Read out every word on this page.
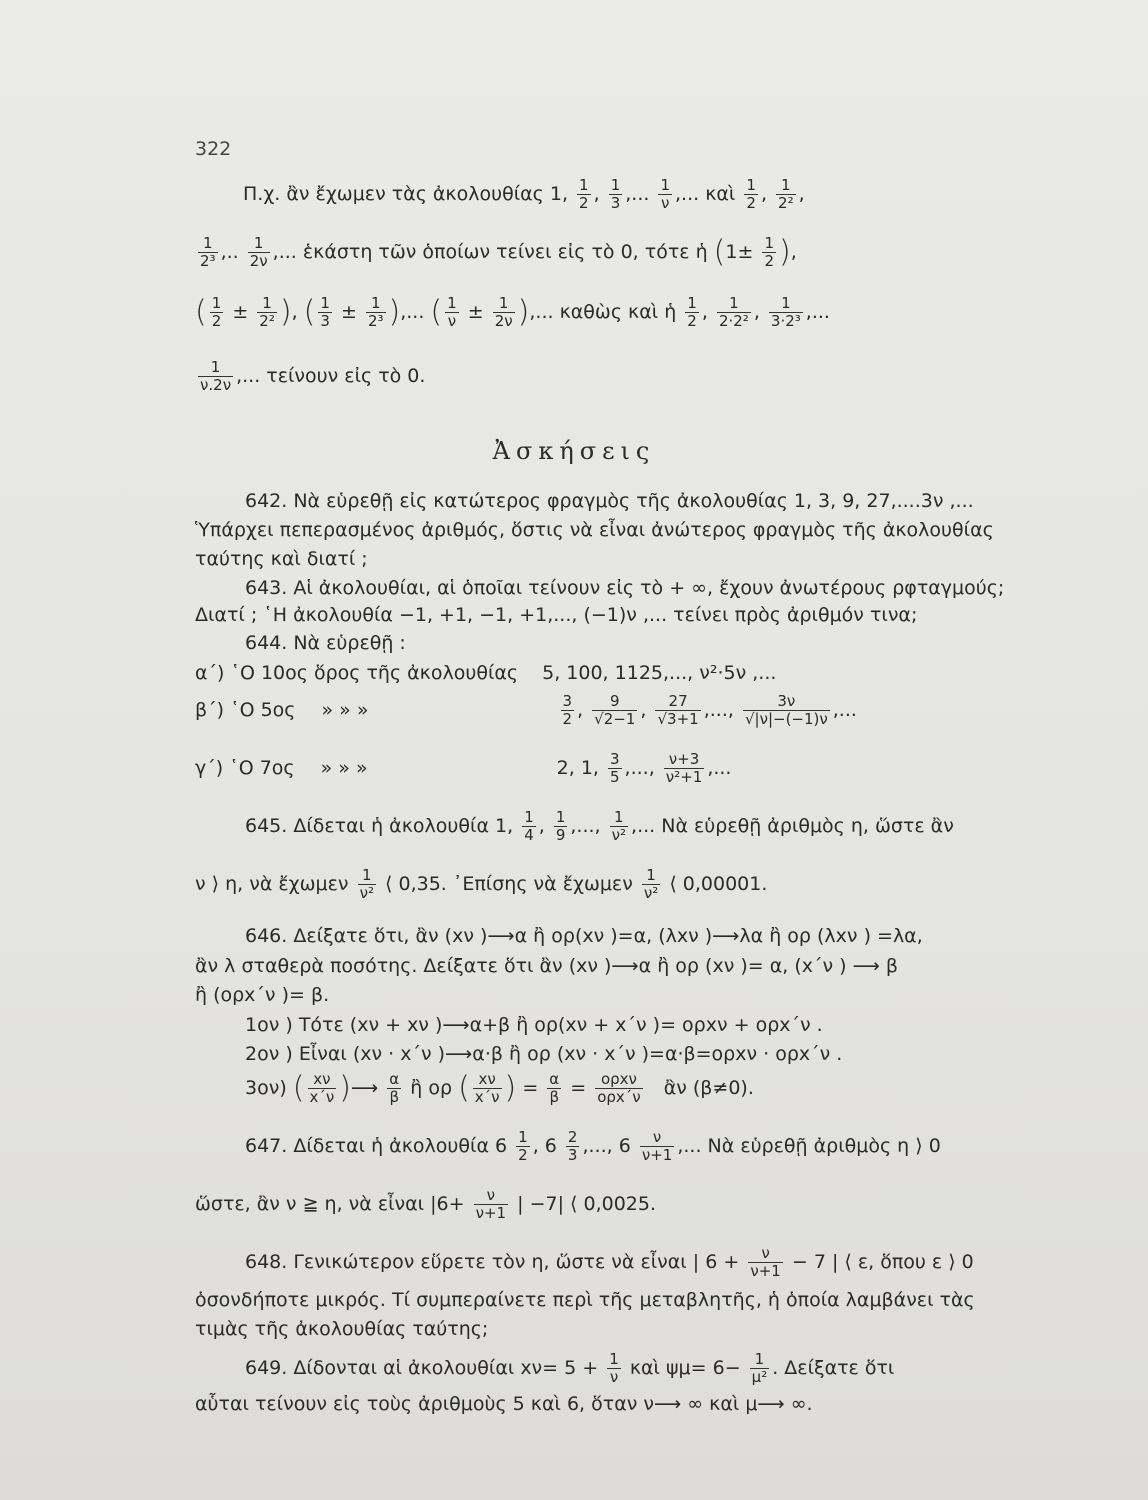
322
Π.χ. ἂν ἔχωμεν τὰς ἀκολουθίας 1, $\frac{1}{2}$ , $\frac{1}{3}$ ,... $\frac{1}{\nu}$ ,... καὶ $\frac{1}{2}$ , $\frac{1}{\text{2²}}$ ,
$\frac{1}{\text{2³}}$ ,.. $\frac{1}{2\nu}$ ,... ἑκάστη τῶν ὁποίων τείνει εἰς τὸ 0, τότε ἡ ($1\pm \frac{1}{2}$ ),
( $\frac{1}{2} \pm \frac{1}{\text{2²}}$ ), ( $\frac{1}{3} \pm \frac{1}{\text{2³}}$ ),... ( $\frac{1}{\nu} \pm \frac{1}{2\nu}$ ),... καθὼς καὶ ἡ $\frac{1}{2}$ , $\frac{1}{\text{2·2²}}$ , $\frac{1}{\text{3·2³}}$ ,...
$\frac{1}{\nu.2\nu}$ ,... τείνουν εἰς τὸ 0.
Ἀσκήσεις
642. Νὰ εὑρεθῇ εἰς κατώτερος φραγμὸς τῆς ἀκολουθίας 1, 3, 9, 27,....3ν ,...
Ὑπάρχει πεπερασμένος ἀριθμός, ὅστις νὰ εἶναι ἀνώτερος φραγμὸς τῆς ἀκολουθίας
ταύτης καὶ διατί ;
643. Αἱ ἀκολουθίαι, αἱ ὁποῖαι τείνουν εἰς τὸ + ∞, ἔχουν ἀνωτέρους ρφταγμούς;
Διατί ; ῾Η ἀκολουθία −1, +1, −1, +1,..., (−1)ν ,... τείνει πρὸς ἀριθμόν τινα;
644. Νὰ εὑρεθῇ :
α΄) ῾Ο 10ος ὅρος τῆς ἀκολουθίας 5, 100, 1125,..., ν²·5ν ,...
β΄) ῾Ο 5ος » » »	$\frac{3}{2}$ , $\frac{9}{√2-1}$ , $\frac{27}{√3+1}$ ,..., $\frac{3\nu}{√|\nu|-(-1)\nu}$ ,...
γ΄) ῾Ο 7ος » » »	2, 1, $\frac{3}{5}$ ,..., $\frac{\nu+3}{\text{ν²+1}}$ ,...
645. Δίδεται ἡ ἀκολουθία 1, $\frac{1}{4}$ , $\frac{1}{9}$ ,..., $\frac{1}{\text{ν²}}$ ,... Νὰ εὑρεθῇ ἀριθμὸς η, ὥστε ἂν
ν ⟩ η, νὰ ἔχωμεν $\frac{1}{\text{ν²}}$ ⟨ 0,35. ᾿Επίσης νὰ ἔχωμεν $\frac{1}{\text{ν²}}$ ⟨ 0,00001.
646. Δείξατε ὅτι, ἂν (xν )⟶α ἢ ορ(xν )=α, (λxν )⟶λα ἢ ορ (λxν ) =λα,
ἂν λ σταθερὰ ποσότης. Δείξατε ὅτι ἂν (xν )⟶α ἢ ορ (xν )= α, (x΄ν ) ⟶ β
ἢ (ορx΄ν )= β.
1ον ) Τότε (xν + xν )⟶α+β ἢ ορ(xν + x΄ν )= ορxν + ορx΄ν .
2ον ) Εἶναι (xν · x΄ν )⟶α·β ἢ ορ (xν · x΄ν )=α·β=ορxν · ορx΄ν .
3ον) ( $\frac{x\nu}{x΄\nu}$ )⟶ $\frac{\alpha}{\beta}$ ἢ ορ ( $\frac{x\nu}{x΄\nu}$ ) = $\frac{\alpha}{\beta} = \frac{\text{ορxν}}{\text{ορx΄ν}}$ ἂν (β≠0).
647. Δίδεται ἡ ἀκολουθία $6 \frac{1}{2}$ , $6 \frac{2}{3}$ ,..., $6 \frac{\nu}{\nu+1}$ ,... Νὰ εὑρεθῇ ἀριθμὸς η ⟩ 0
ὥστε, ἂν ν ≧ η, νὰ εἶναι $|6+ \frac{\nu}{\nu+1}$ | −7| ⟨ 0,0025.
648. Γενικώτερον εὕρετε τὸν η, ὥστε νὰ εἶναι | $6 + \frac{\nu}{\nu+1} - 7$ | ⟨ ε, ὅπου ε ⟩ 0
ὁσονδήποτε μικρός. Τί συμπεραίνετε περὶ τῆς μεταβλητῆς, ἡ ὁποία λαμβάνει τὰς
τιμὰς τῆς ἀκολουθίας ταύτης;
649. Δίδονται αἱ ἀκολουθίαι $x\nu= 5 + \frac{1}{\nu}$ καὶ $\psi\mu= 6- \frac{1}{\text{μ²}}$ . Δείξατε ὅτι
αὗται τείνουν εἰς τοὺς ἀριθμοὺς 5 καὶ 6, ὅταν ν⟶ ∞ καὶ μ⟶ ∞.
